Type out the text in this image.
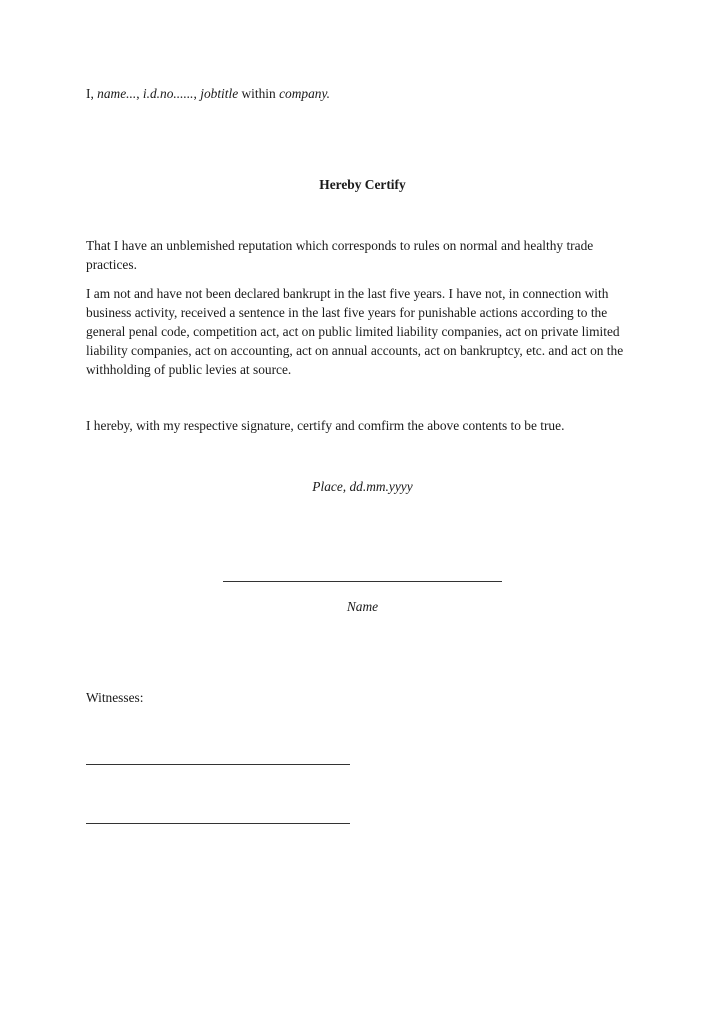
I, name..., i.d.no......, jobtitle within company.
Hereby Certify

That I have an unblemished reputation which corresponds to rules on normal and healthy trade practices.

I am not and have not been declared bankrupt in the last five years. I have not, in connection with business activity, received a sentence in the last five years for punishable actions according to the general penal code, competition act, act on public limited liability companies, act on private limited liability companies, act on accounting, act on annual accounts, act on bankruptcy, etc. and act on the withholding of public levies at source.

I hereby, with my respective signature, certify and comfirm the above contents to be true.

Place, dd.mm.yyyy
Name
Witnesses:
